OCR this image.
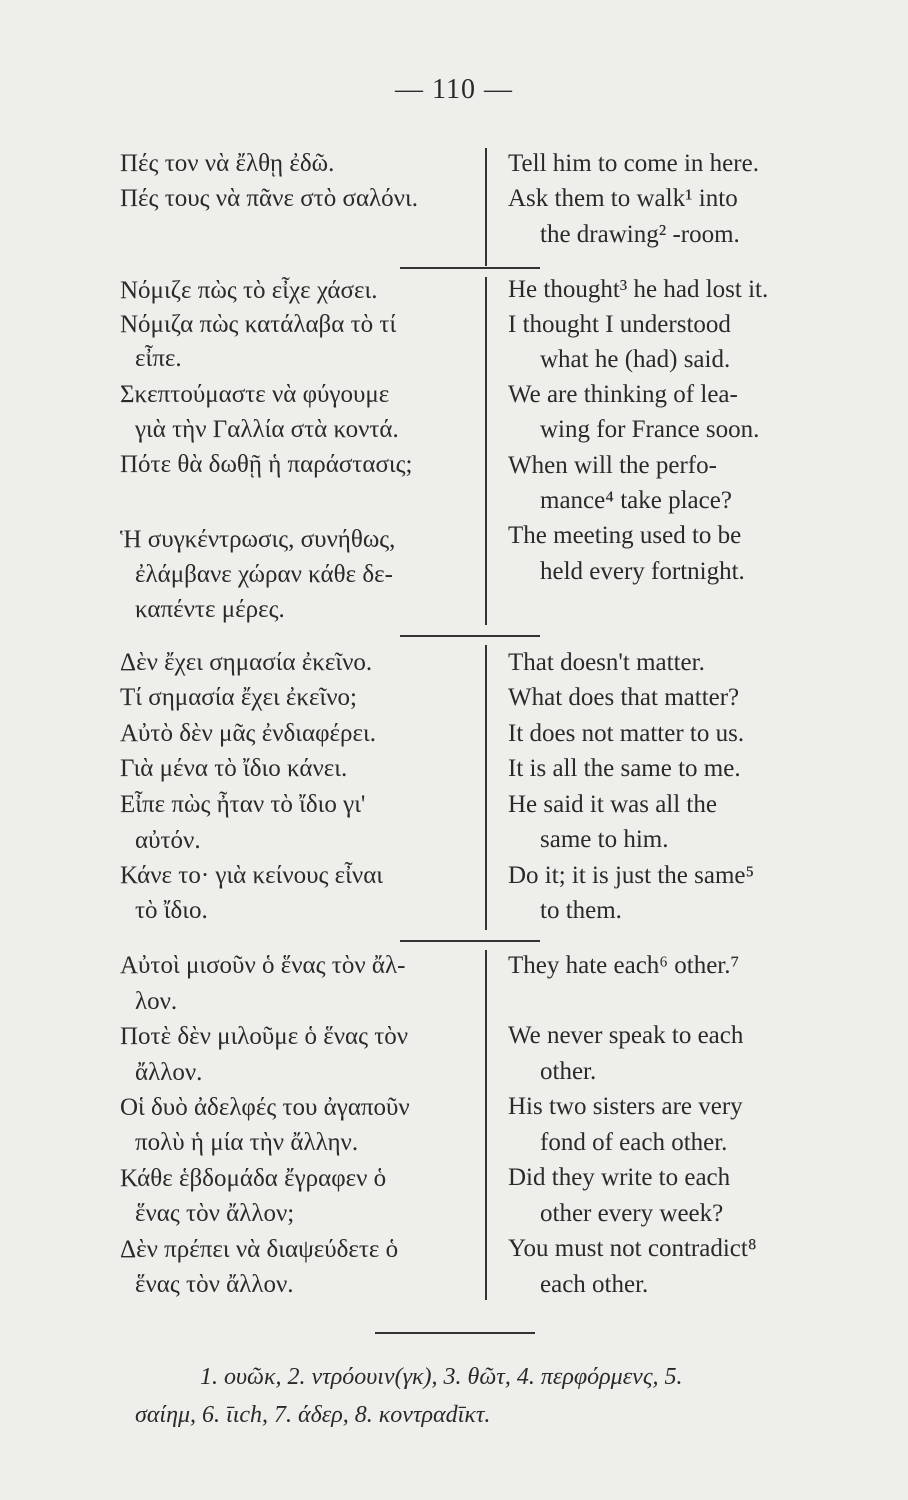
— 110 —
Πές τον νὰ ἔλθῃ ἐδῶ.
Πές τους νὰ πᾶνε στὸ σαλόνι.
Tell him to come in here.
Ask them to walk¹ into
the drawing² -room.
Νόμιζε πὼς τὸ εἶχε χάσει.
Νόμιζα πὼς κατάλαβα τὸ τί
εἶπε.
Σκεπτούμαστε νὰ φύγουμε
γιὰ τὴν Γαλλία στὰ κοντά.
Πότε θὰ δωθῇ ἡ παράστασις;
Ἡ συγκέντρωσις, συνήθως,
ἐλάμβανε χώραν κάθε δε-
καπέντε μέρες.
He thought³ he had lost it.
I thought I understood
what he (had) said.
We are thinking of lea-
wing for France soon.
When will the perfo-
mance⁴ take place?
The meeting used to be
held every fortnight.
Δὲν ἔχει σημασία ἐκεῖνο.
Τί σημασία ἔχει ἐκεῖνο;
Αὐτὸ δὲν μᾶς ἐνδιαφέρει.
Γιὰ μένα τὸ ἴδιο κάνει.
Εἶπε πὼς ἦταν τὸ ἴδιο γι'
αὐτόν.
Κάνε το· γιὰ κείνους εἶναι
τὸ ἴδιο.
That doesn't matter.
What does that matter?
It does not matter to us.
It is all the same to me.
He said it was all the
same to him.
Do it; it is just the same⁵
to them.
Αὐτοὶ μισοῦν ὁ ἕνας τὸν ἄλ-
λον.
Ποτὲ δὲν μιλοῦμε ὁ ἕνας τὸν
ἄλλον.
Οἱ δυὸ ἀδελφές του ἀγαποῦν
πολὺ ἡ μία τὴν ἄλλην.
Κάθε ἑβδομάδα ἔγραφεν ὁ
ἕνας τὸν ἄλλον;
Δὲν πρέπει νὰ διαψεύδετε ὁ
ἕνας τὸν ἄλλον.
They hate each⁶ other.⁷
We never speak to each
other.
His two sisters are very
fond of each other.
Did they write to each
other every week?
You must not contradict⁸
each other.
1. ουῶκ, 2. ντρόουιν(γκ), 3. θῶτ, 4. περφόρμενς, 5.
σαίημ, 6. ῑιch, 7. άδερ, 8. κοντραdῑκτ.
